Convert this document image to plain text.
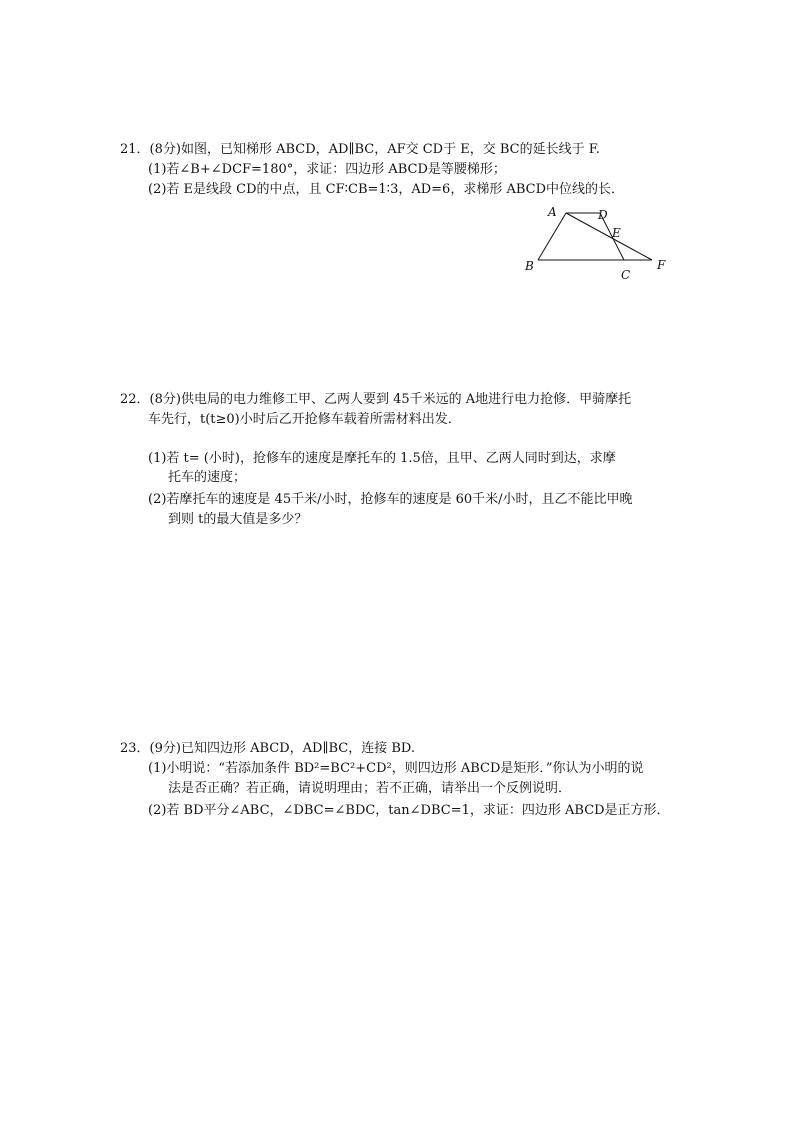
21．(8分)如图，已知梯形 ABCD，AD∥BC，AF交 CD于 E，交 BC的延长线于 F.
(1)若∠B+∠DCF=180°，求证：四边形 ABCD是等腰梯形；
(2)若 E是线段 CD的中点，且 CF∶CB=1∶3，AD=6，求梯形 ABCD中位线的长．
A	D
E
B
C
F
22．(8分)供电局的电力维修工甲、乙两人要到 45千米远的 A地进行电力抢修．甲骑摩托
车先行，t(t≥0)小时后乙开抢修车载着所需材料出发．
(1)若 t= (小时)，抢修车的速度是摩托车的 1.5倍，且甲、乙两人同时到达，求摩
托车的速度；
(2)若摩托车的速度是 45千米/小时，抢修车的速度是 60千米/小时，且乙不能比甲晚
到则 t的最大值是多少？
23．(9分)已知四边形 ABCD，AD∥BC，连接 BD.
(1)小明说：“若添加条件 BD²=BC²+CD²，则四边形 ABCD是矩形．”你认为小明的说
法是否正确？若正确，请说明理由；若不正确，请举出一个反例说明．
(2)若 BD平分∠ABC，∠DBC=∠BDC，tan∠DBC=1，求证：四边形 ABCD是正方形．
